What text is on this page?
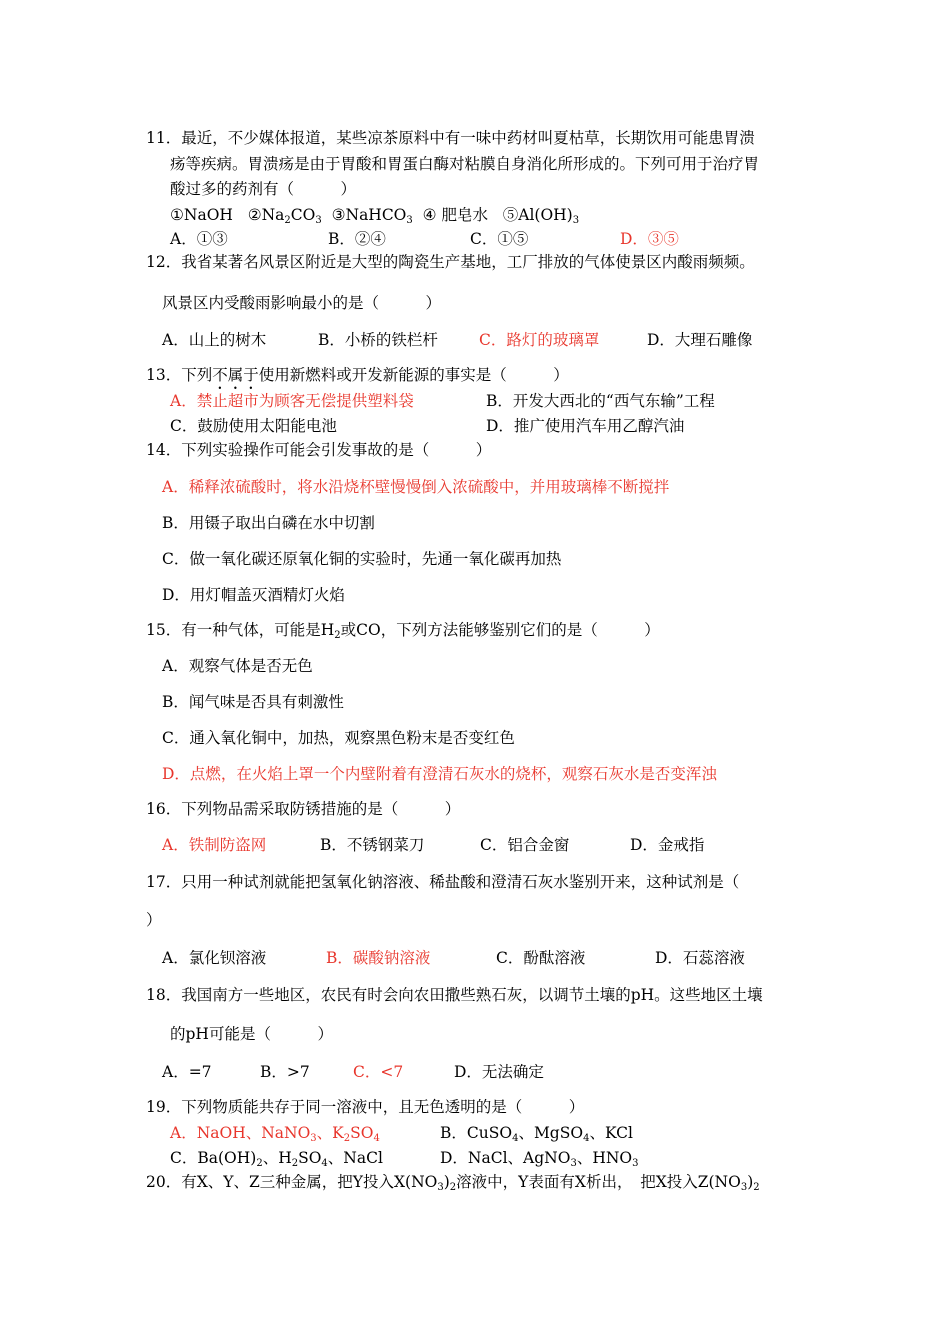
11．最近，不少媒体报道，某些凉茶原料中有一味中药材叫夏枯草，长期饮用可能患胃溃
疡等疾病。胃溃疡是由于胃酸和胃蛋白酶对粘膜自身消化所形成的。下列可用于治疗胃
酸过多的药剂有（　　　）
①NaOH $②Na_2CO_3$ ③NaHCO$_3$ ④ 肥皂水 $⑤Al(OH)_3$
A．①③	B．②④	C．①⑤	D．③⑤
12．我省某著名风景区附近是大型的陶瓷生产基地，工厂排放的气体使景区内酸雨频频。
风景区内受酸雨影响最小的是（　　　）
A．山上的树木	B．小桥的铁栏杆	C．路灯的玻璃罩	D．大理石雕像
13．下列不属于使用新燃料或开发新能源的事实是（　　　）
A．禁止超市为顾客无偿提供塑料袋	B．开发大西北的“西气东输”工程
C．鼓励使用太阳能电池	D．推广使用汽车用乙醇汽油
14．下列实验操作可能会引发事故的是（　　　）
A．稀释浓硫酸时，将水沿烧杯壁慢慢倒入浓硫酸中，并用玻璃棒不断搅拌
B．用镊子取出白磷在水中切割
C．做一氧化碳还原氧化铜的实验时，先通一氧化碳再加热
D．用灯帽盖灭酒精灯火焰
15．有一种气体，可能是$H_2$或CO，下列方法能够鉴别它们的是（　　　）
A．观察气体是否无色
B．闻气味是否具有刺激性
C．通入氧化铜中，加热，观察黑色粉末是否变红色
D．点燃，在火焰上罩一个内壁附着有澄清石灰水的烧杯，观察石灰水是否变浑浊
16．下列物品需采取防锈措施的是（　　　）
A．铁制防盗网	B．不锈钢菜刀	C．铝合金窗	D．金戒指
17．只用一种试剂就能把氢氧化钠溶液、稀盐酸和澄清石灰水鉴别开来，这种试剂是（
）
A．氯化钡溶液	B．碳酸钠溶液	C．酚酞溶液	D．石蕊溶液
18．我国南方一些地区，农民有时会向农田撒些熟石灰，以调节土壤的pH。这些地区土壤
的pH可能是（　　　）
A．=7	B．>7	C．<7	D．无法确定
19．下列物质能共存于同一溶液中，且无色透明的是（　　　）
A．NaOH、NaNO$_3$、$K_2SO_4$	B．CuSO$_4$、MgSO$_4$、KCl
C．$Ba(OH)_2$、$H_2SO_4$、NaCl	D．NaCl、AgNO$_3$、$HNO_3$
20．有X、Y、Z三种金属，把Y投入$X(NO_3)_2$溶液中，Y表面有X析出，　把X投入$Z(NO_3)_2$
